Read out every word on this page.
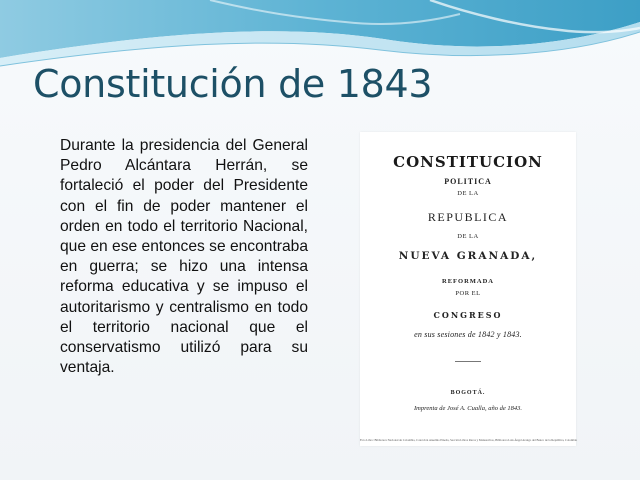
Constitución de 1843
Durante la presidencia del General Pedro Alcántara Herrán, se fortaleció el poder del Presidente con el fin de poder mantener el orden en todo el territorio Nacional, que en ese entonces se encontraba en guerra; se hizo una intensa reforma educativa y se impuso el autoritarismo y centralismo en todo el territorio nacional que el conservatismo utilizó para su ventaja.
CONSTITUCION
POLITICA
DE LA
REPUBLICA
DE LA
NUEVA GRANADA,
REFORMADA
POR EL
CONGRESO
en sus sesiones de 1842 y 1843.
BOGOTÁ.
Imprenta de José A. Cualla, año de 1843.
Foto Libro: Biblioteca Nacional de Colombia, Colección Anselmo Pineda, Sección Libros Raros y Manuscritos, Biblioteca Luis Ángel Arango del Banco de la República, Colombia
